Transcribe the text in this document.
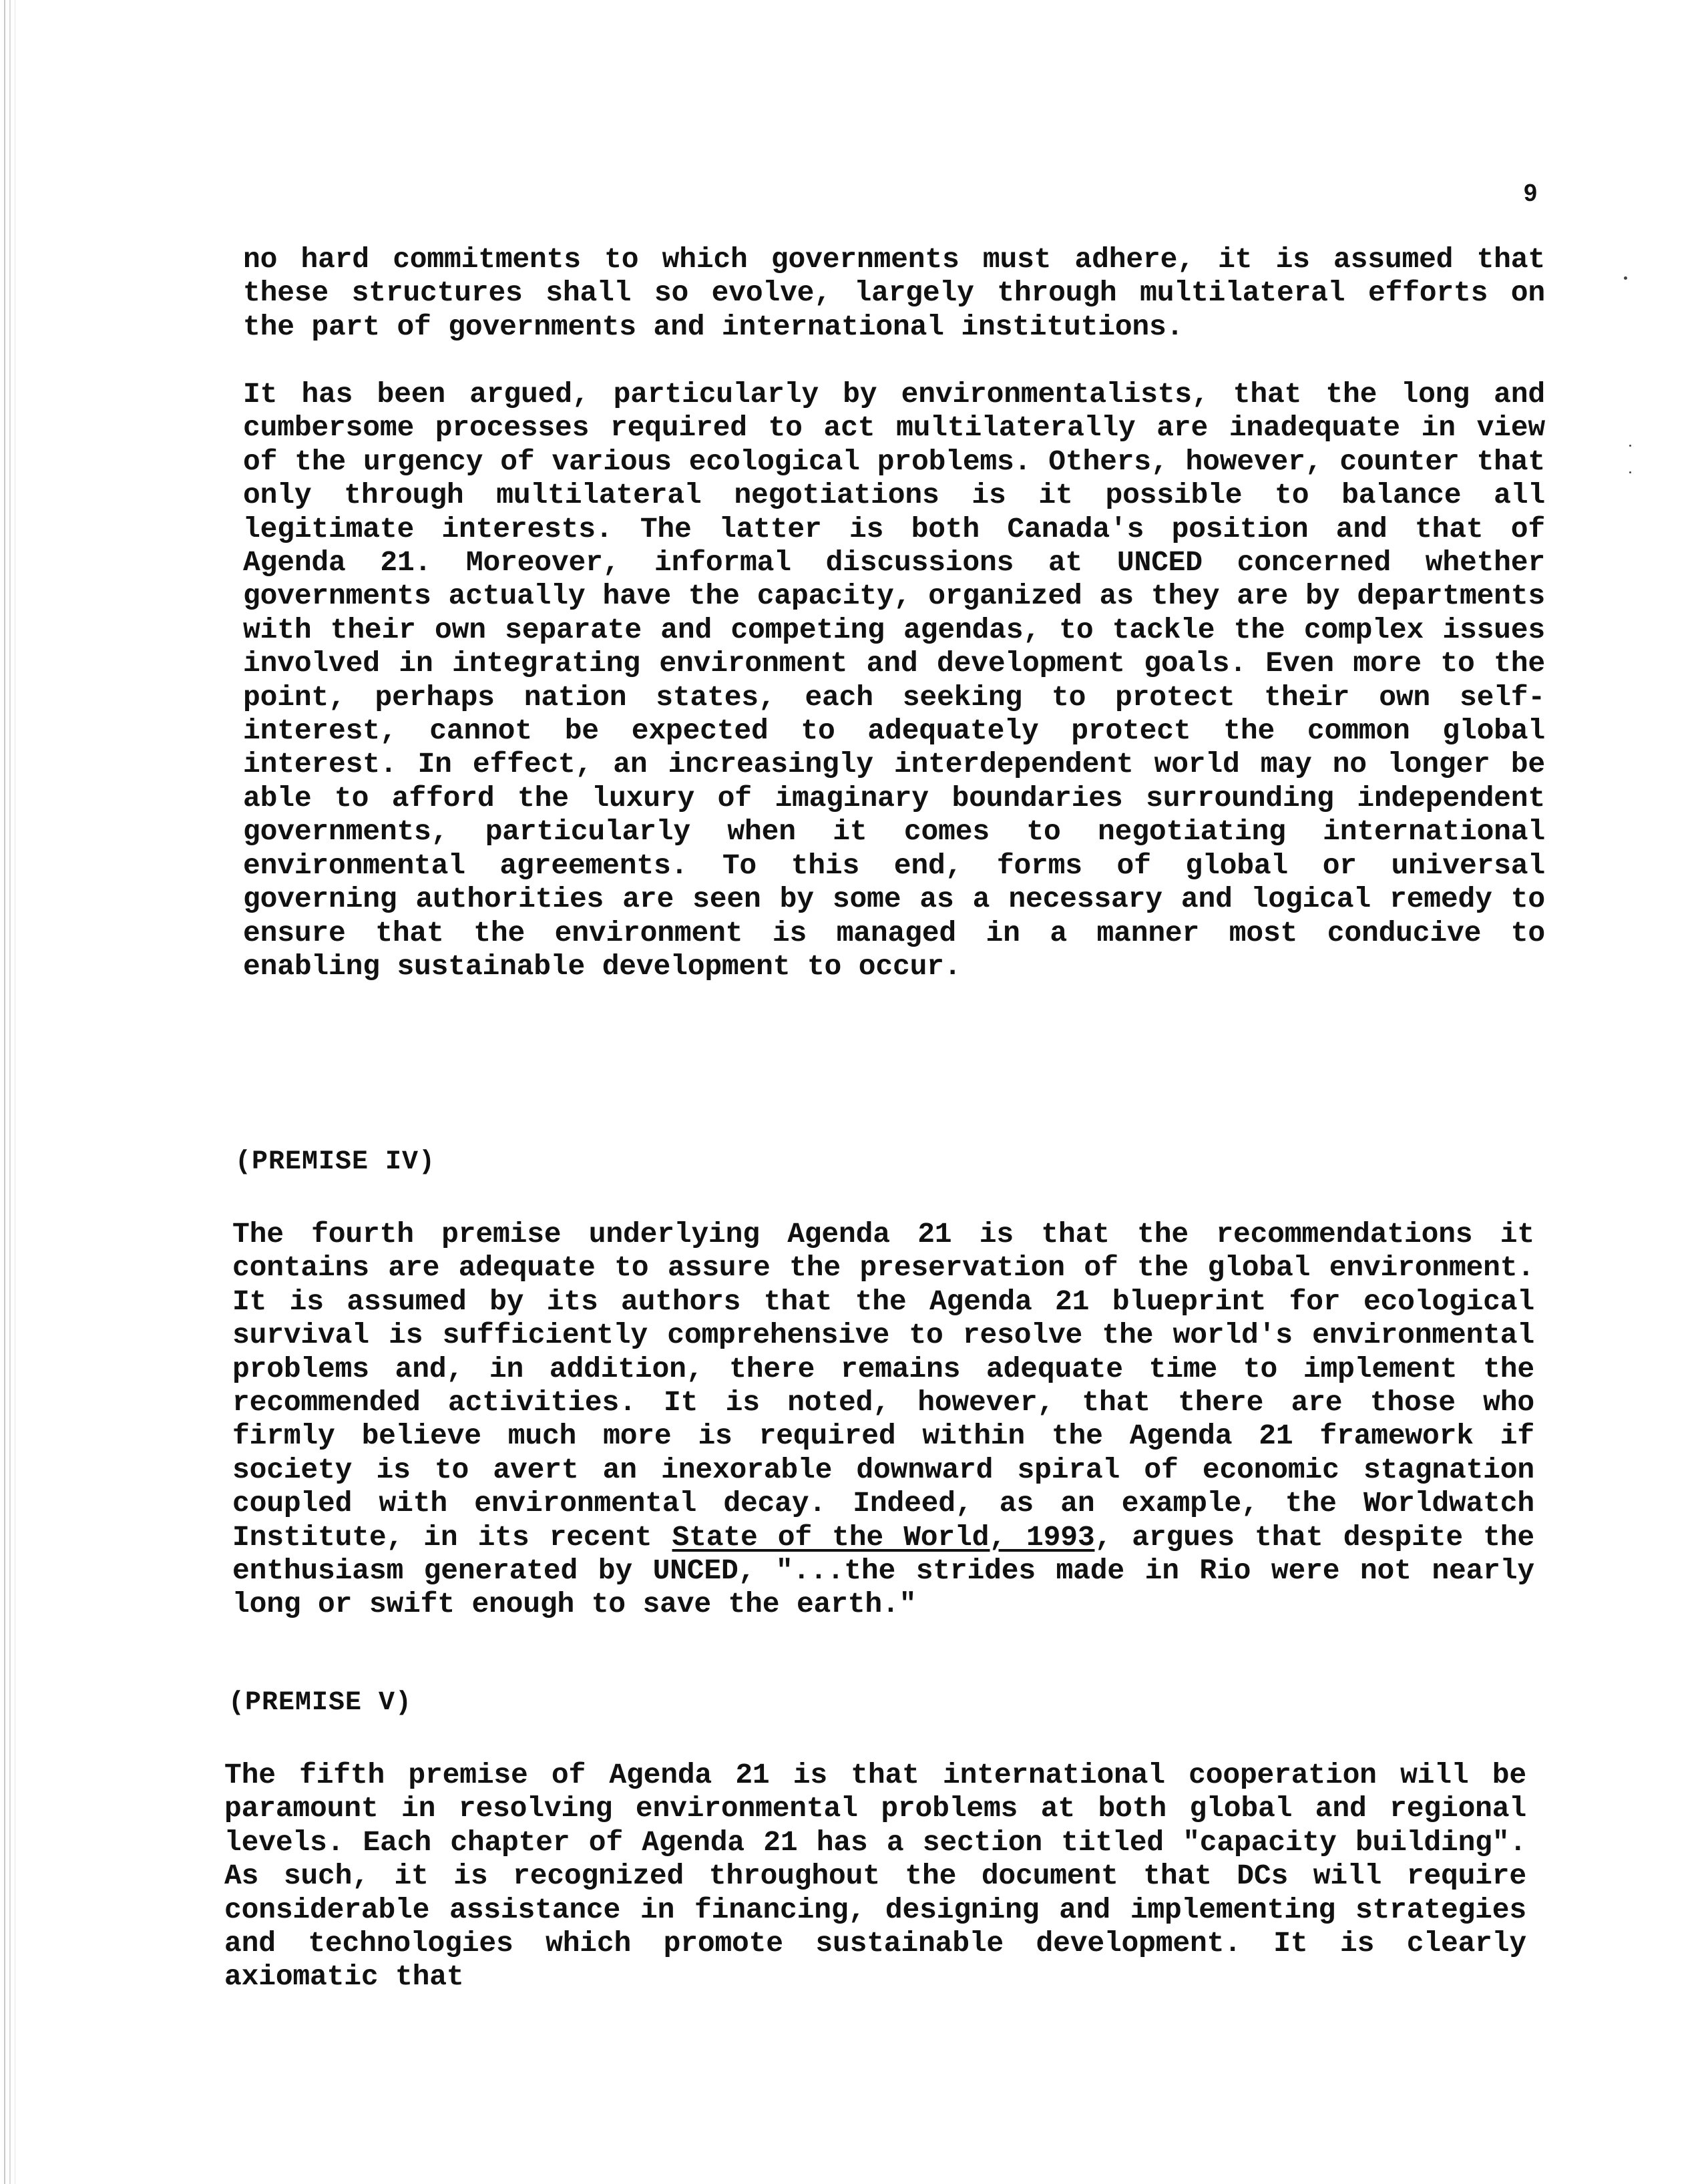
9
no hard commitments to which governments must adhere, it is assumed that these structures shall so evolve, largely through multilateral efforts on the part of governments and international institutions.
It has been argued, particularly by environmentalists, that the long and cumbersome processes required to act multilaterally are inadequate in view of the urgency of various ecological problems. Others, however, counter that only through multilateral negotiations is it possible to balance all legitimate interests. The latter is both Canada's position and that of Agenda 21. Moreover, informal discussions at UNCED concerned whether governments actually have the capacity, organized as they are by departments with their own separate and competing agendas, to tackle the complex issues involved in integrating environment and development goals. Even more to the point, perhaps nation states, each seeking to protect their own self-interest, cannot be expected to adequately protect the common global interest. In effect, an increasingly interdependent world may no longer be able to afford the luxury of imaginary boundaries surrounding independent governments, particularly when it comes to negotiating international environmental agreements. To this end, forms of global or universal governing authorities are seen by some as a necessary and logical remedy to ensure that the environment is managed in a manner most conducive to enabling sustainable development to occur.
(PREMISE IV)
The fourth premise underlying Agenda 21 is that the recommendations it contains are adequate to assure the preservation of the global environment. It is assumed by its authors that the Agenda 21 blueprint for ecological survival is sufficiently comprehensive to resolve the world's environmental problems and, in addition, there remains adequate time to implement the recommended activities. It is noted, however, that there are those who firmly believe much more is required within the Agenda 21 framework if society is to avert an inexorable downward spiral of economic stagnation coupled with environmental decay. Indeed, as an example, the Worldwatch Institute, in its recent State of the World, 1993, argues that despite the enthusiasm generated by UNCED, "...the strides made in Rio were not nearly long or swift enough to save the earth."
(PREMISE V)
The fifth premise of Agenda 21 is that international cooperation will be paramount in resolving environmental problems at both global and regional levels. Each chapter of Agenda 21 has a section titled "capacity building". As such, it is recognized throughout the document that DCs will require considerable assistance in financing, designing and implementing strategies and technologies which promote sustainable development. It is clearly axiomatic that
